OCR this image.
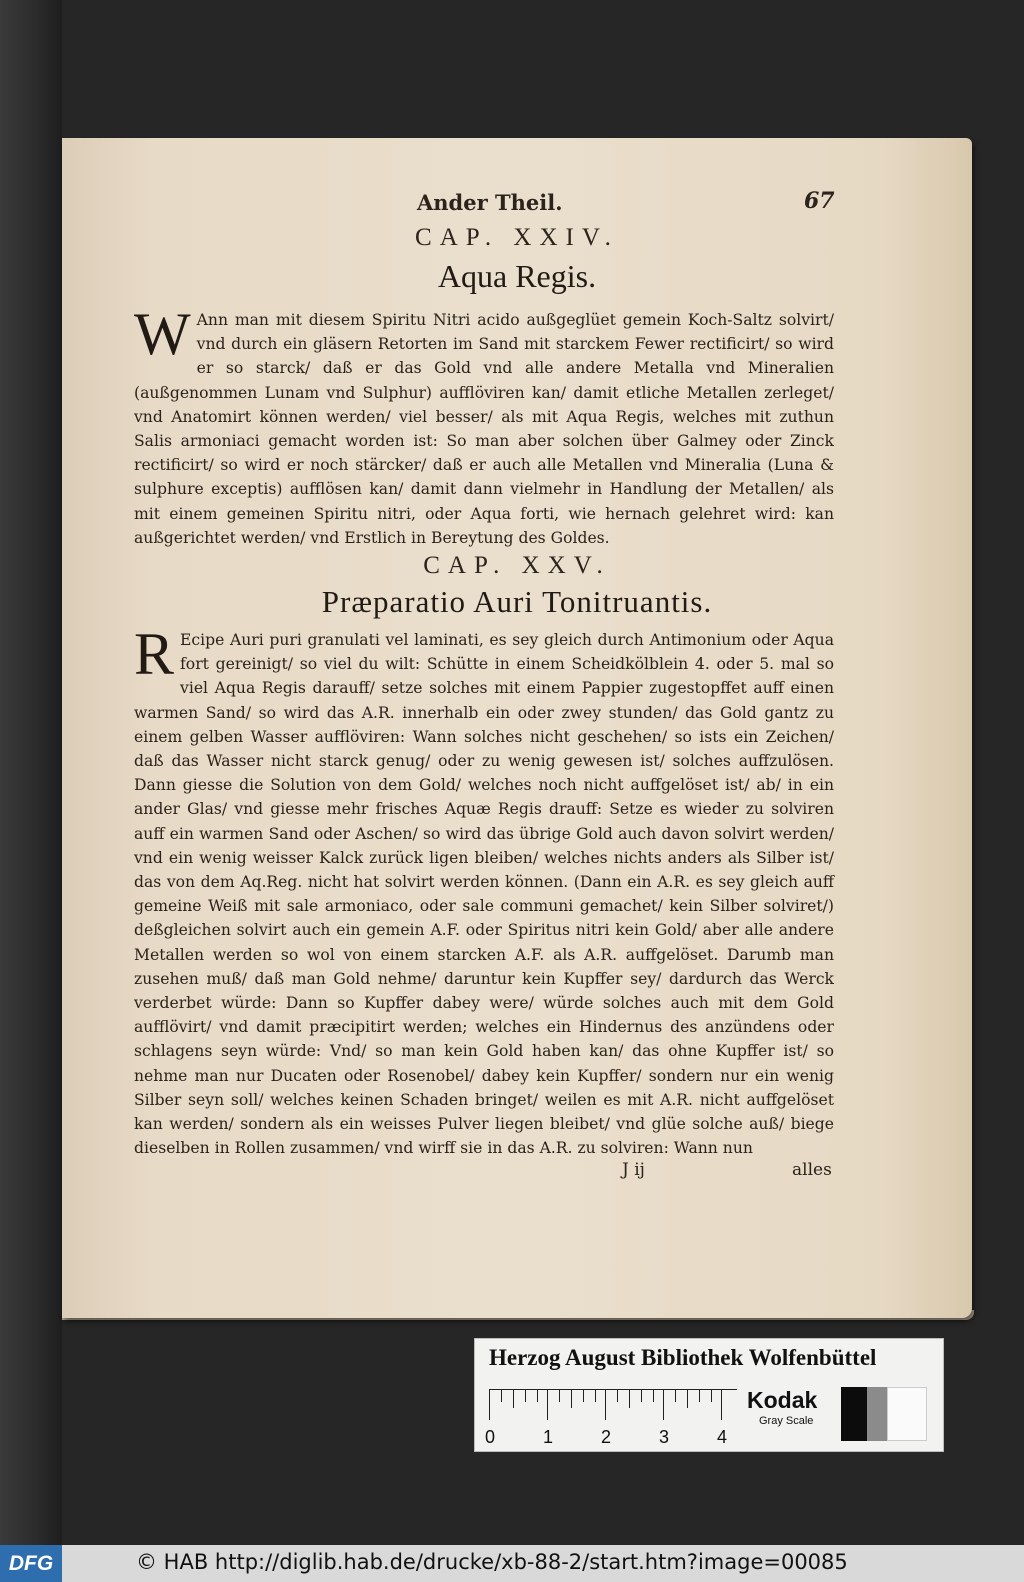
Ander Theil.	67
CAP. XXIV.
Aqua Regis.
W Ann man mit diesem Spiritu Nitri acido außgeglüet gemein Koch-Saltz solvirt/ vnd durch ein gläsern Retorten im Sand mit starckem Fewer rectificirt/ so wird er so starck/ daß er das Gold vnd alle andere Metalla vnd Mineralien (außgenommen Lunam vnd Sulphur) aufflöviren kan/ damit etliche Metallen zerleget/ vnd Anatomirt können werden/ viel besser/ als mit Aqua Regis, welches mit zuthun Salis armoniaci gemacht worden ist: So man aber solchen über Galmey oder Zinck rectificirt/ so wird er noch stärcker/ daß er auch alle Metallen vnd Mineralia (Luna & sulphure exceptis) aufflösen kan/ damit dann vielmehr in Handlung der Metallen/ als mit einem gemeinen Spiritu nitri, oder Aqua forti, wie hernach gelehret wird: kan außgerichtet werden/ vnd Erstlich in Bereytung des Goldes.
CAP. XXV.
Præparatio Auri Tonitruantis.
R Ecipe Auri puri granulati vel laminati, es sey gleich durch Antimonium oder Aqua fort gereinigt/ so viel du wilt: Schütte in einem Scheidkölblein 4. oder 5. mal so viel Aqua Regis darauff/ setze solches mit einem Pappier zugestopffet auff einen warmen Sand/ so wird das A.R. innerhalb ein oder zwey stunden/ das Gold gantz zu einem gelben Wasser aufflöviren: Wann solches nicht geschehen/ so ists ein Zeichen/ daß das Wasser nicht starck genug/ oder zu wenig gewesen ist/ solches auffzulösen. Dann giesse die Solution von dem Gold/ welches noch nicht auffgelöset ist/ ab/ in ein ander Glas/ vnd giesse mehr frisches Aquæ Regis drauff: Setze es wieder zu solviren auff ein warmen Sand oder Aschen/ so wird das übrige Gold auch davon solvirt werden/ vnd ein wenig weisser Kalck zurück ligen bleiben/ welches nichts anders als Silber ist/ das von dem Aq.Reg. nicht hat solvirt werden können. (Dann ein A.R. es sey gleich auff gemeine Weiß mit sale armoniaco, oder sale communi gemachet/ kein Silber solviret/) deßgleichen solvirt auch ein gemein A.F. oder Spiritus nitri kein Gold/ aber alle andere Metallen werden so wol von einem starcken A.F. als A.R. auffgelöset. Darumb man zusehen muß/ daß man Gold nehme/ daruntur kein Kupffer sey/ dardurch das Werck verderbet würde: Dann so Kupffer dabey were/ würde solches auch mit dem Gold aufflövirt/ vnd damit præcipitirt werden; welches ein Hindernus des anzündens oder schlagens seyn würde: Vnd/ so man kein Gold haben kan/ das ohne Kupffer ist/ so nehme man nur Ducaten oder Rosenobel/ dabey kein Kupffer/ sondern nur ein wenig Silber seyn soll/ welches keinen Schaden bringet/ weilen es mit A.R. nicht auffgelöset kan werden/ sondern als ein weisses Pulver liegen bleibet/ vnd glüe solche auß/ biege dieselben in Rollen zusammen/ vnd wirff sie in das A.R. zu solviren: Wann nun
J ij	alles
Herzog August Bibliothek Wolfenbüttel
0	1	2	3	4
Kodak
Gray Scale
DFG	© HAB http://diglib.hab.de/drucke/xb-88-2/start.htm?image=00085
